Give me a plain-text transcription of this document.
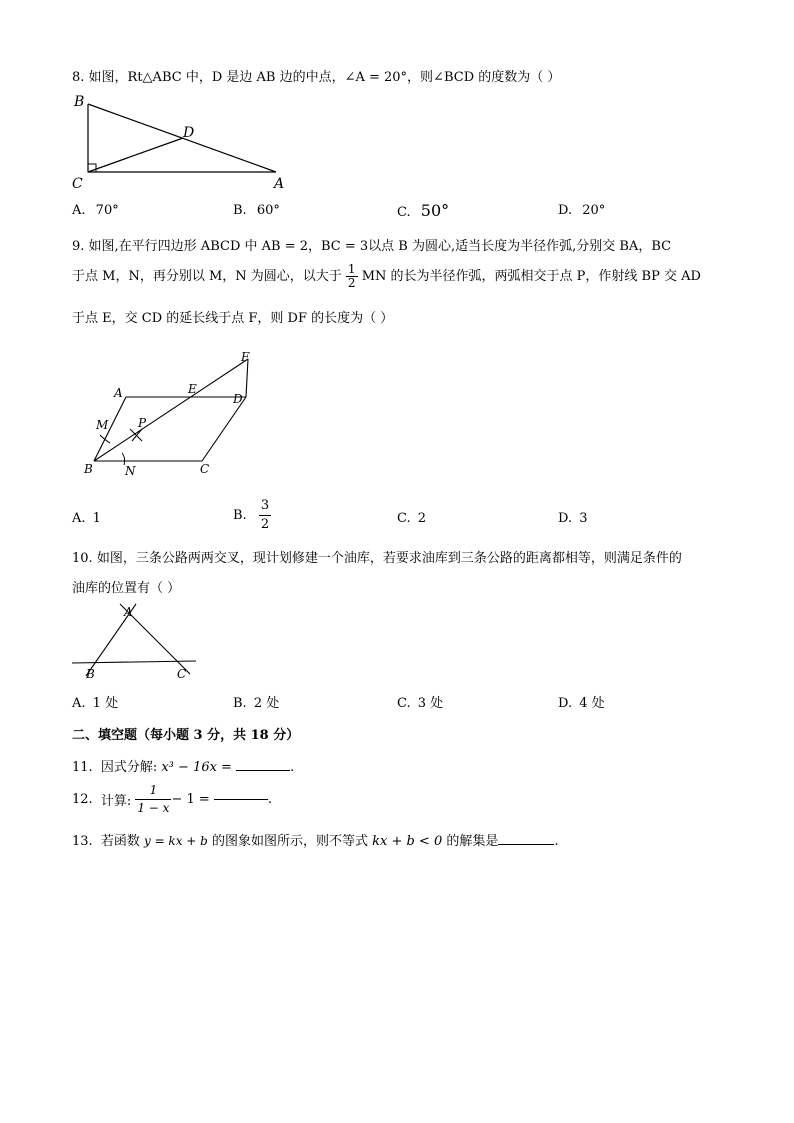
8. 如图，Rt△ABC 中，D 是边 AB 边的中点，∠A = 20°，则∠BCD 的度数为（ ）
B
C
D
A
A. 70°	B. 60°	C. 50°	D. 20°
9. 如图,在平行四边形 ABCD 中 AB = 2，BC = 3以点 B 为圆心,适当长度为半径作弧,分别交 BA，BC
于点 M，N，再分别以 M，N 为圆心，以大于 $\frac{1}{2}$ MN 的长为半径作弧，两弧相交于点 P，作射线 BP 交 AD
于点 E，交 CD 的延长线于点 F，则 DF 的长度为（ ）
A	E
D
F
M P
B	N	C
A. 1	B. $\frac{3}{2}$	C. 2	D. 3
10. 如图，三条公路两两交叉，现计划修建一个油库，若要求油库到三条公路的距离都相等，则满足条件的
油库的位置有（ ）
A
B	C
A. 1 处	B. 2 处	C. 3 处	D. 4 处
二、填空题（每小题 3 分，共 18 分）
11. 因式分解: x³ − 16x =	.
12. 计算: $\frac{1}{1 - x} - 1$ =	.
13. 若函数 y = kx + b 的图象如图所示，则不等式 kx + b < 0 的解集是	.
